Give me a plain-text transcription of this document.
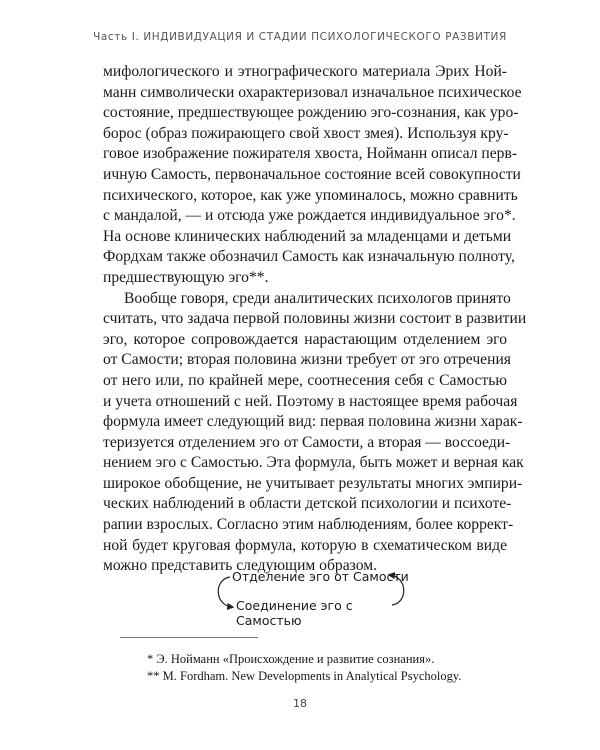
Часть I. ИНДИВИДУАЦИЯ И СТАДИИ ПСИХОЛОГИЧЕСКОГО РАЗВИТИЯ

мифологического и этнографического материала Эрих Ной-
манн символически охарактеризовал изначальное психическое
состояние, предшествующее рождению эго-сознания, как уро-
борос (образ пожирающего свой хвост змея). Используя кру-
говое изображение пожирателя хвоста, Нойманн описал перв-
ичную Самость, первоначальное состояние всей совокупности
психического, которое, как уже упоминалось, можно сравнить
с мандалой, — и отсюда уже рождается индивидуальное эго*.
На основе клинических наблюдений за младенцами и детьми
Фордхам также обозначил Самость как изначальную полноту,
предшествующую эго**.

Вообще говоря, среди аналитических психологов принято
считать, что задача первой половины жизни состоит в развитии
эго, которое сопровождается нарастающим отделением эго
от Самости; вторая половина жизни требует от эго отречения
от него или, по крайней мере, соотнесения себя с Самостью
и учета отношений с ней. Поэтому в настоящее время рабочая
формула имеет следующий вид: первая половина жизни харак-
теризуется отделением эго от Самости, а вторая — воссоеди-
нением эго с Самостью. Эта формула, быть может и верная как
широкое обобщение, не учитывает результаты многих эмпири-
ческих наблюдений в области детской психологии и психоте-
рапии взрослых. Согласно этим наблюдениям, более коррект-
ной будет круговая формула, которую в схематическом виде
можно представить следующим образом.

Отделение эго от Самости
Соединение эго с Самостью
* Э. Нойманн «Происхождение и развитие сознания».
** M. Fordham. New Developments in Analytical Psychology.
18
